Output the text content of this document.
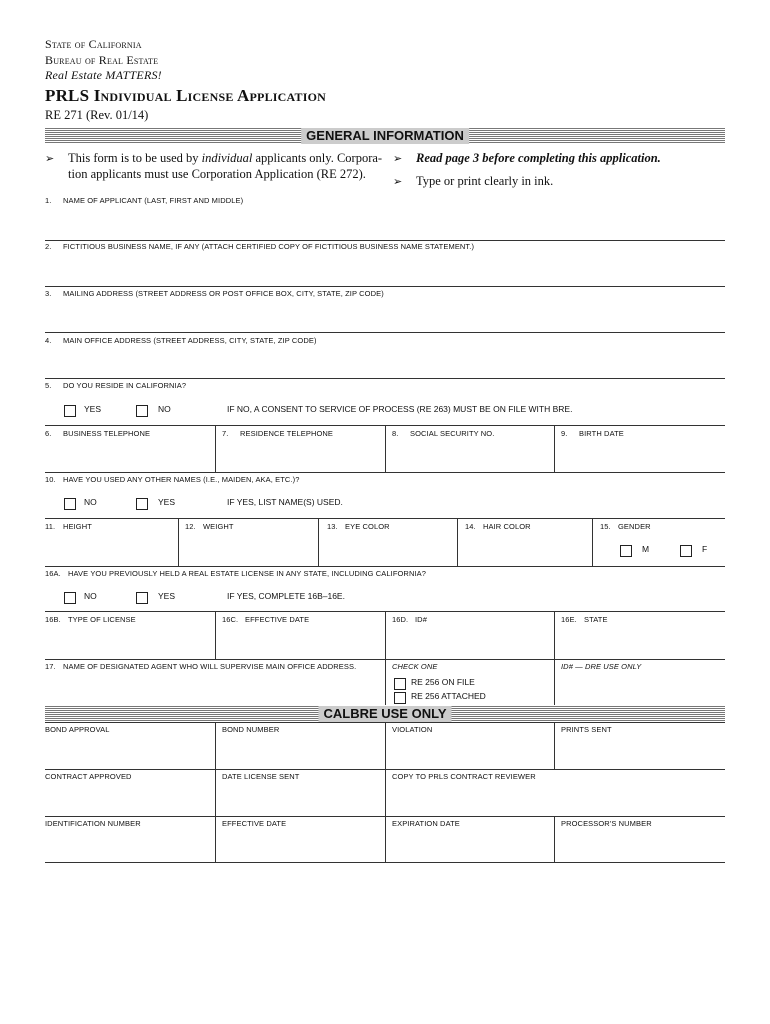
State of California
Bureau of Real Estate
Real Estate MATTERS!
PRLS Individual License Application
RE 271 (Rev. 01/14)
GENERAL INFORMATION
➢ This form is to be used by individual applicants only. Corpora-
tion applicants must use Corporation Application (RE 272).
➢ Read page 3 before completing this application.
➢ Type or print clearly in ink.
1. NAME OF APPLICANT (LAST, FIRST AND MIDDLE)
2. FICTITIOUS BUSINESS NAME, IF ANY (ATTACH CERTIFIED COPY OF FICTITIOUS BUSINESS NAME STATEMENT.)
3. MAILING ADDRESS (STREET ADDRESS OR POST OFFICE BOX, CITY, STATE, ZIP CODE)
4. MAIN OFFICE ADDRESS (STREET ADDRESS, CITY, STATE, ZIP CODE)
5. DO YOU RESIDE IN CALIFORNIA?
YES	NO	IF NO, A CONSENT TO SERVICE OF PROCESS (RE 263) MUST BE ON FILE WITH BRE.
6. BUSINESS TELEPHONE	7. RESIDENCE TELEPHONE	8. SOCIAL SECURITY NO.	9. BIRTH DATE
10. HAVE YOU USED ANY OTHER NAMES (I.E., MAIDEN, AKA, ETC.)?
NO	YES	IF YES, LIST NAME(S) USED.
11. HEIGHT	12. WEIGHT	13. EYE COLOR	14. HAIR COLOR	15. GENDER
M	F
16A. HAVE YOU PREVIOUSLY HELD A REAL ESTATE LICENSE IN ANY STATE, INCLUDING CALIFORNIA?
NO	YES	IF YES, COMPLETE 16B–16E.
16B. TYPE OF LICENSE	16C. EFFECTIVE DATE	16D. ID#	16E. STATE
17. NAME OF DESIGNATED AGENT WHO WILL SUPERVISE MAIN OFFICE ADDRESS.	CHECK ONE
RE 256 ON FILE
RE 256 ATTACHED
ID# — DRE USE ONLY
CALBRE USE ONLY
BOND APPROVAL	BOND NUMBER	VIOLATION	PRINTS SENT
CONTRACT APPROVED	DATE LICENSE SENT	COPY TO PRLS CONTRACT REVIEWER
IDENTIFICATION NUMBER	EFFECTIVE DATE	EXPIRATION DATE	PROCESSOR'S NUMBER
